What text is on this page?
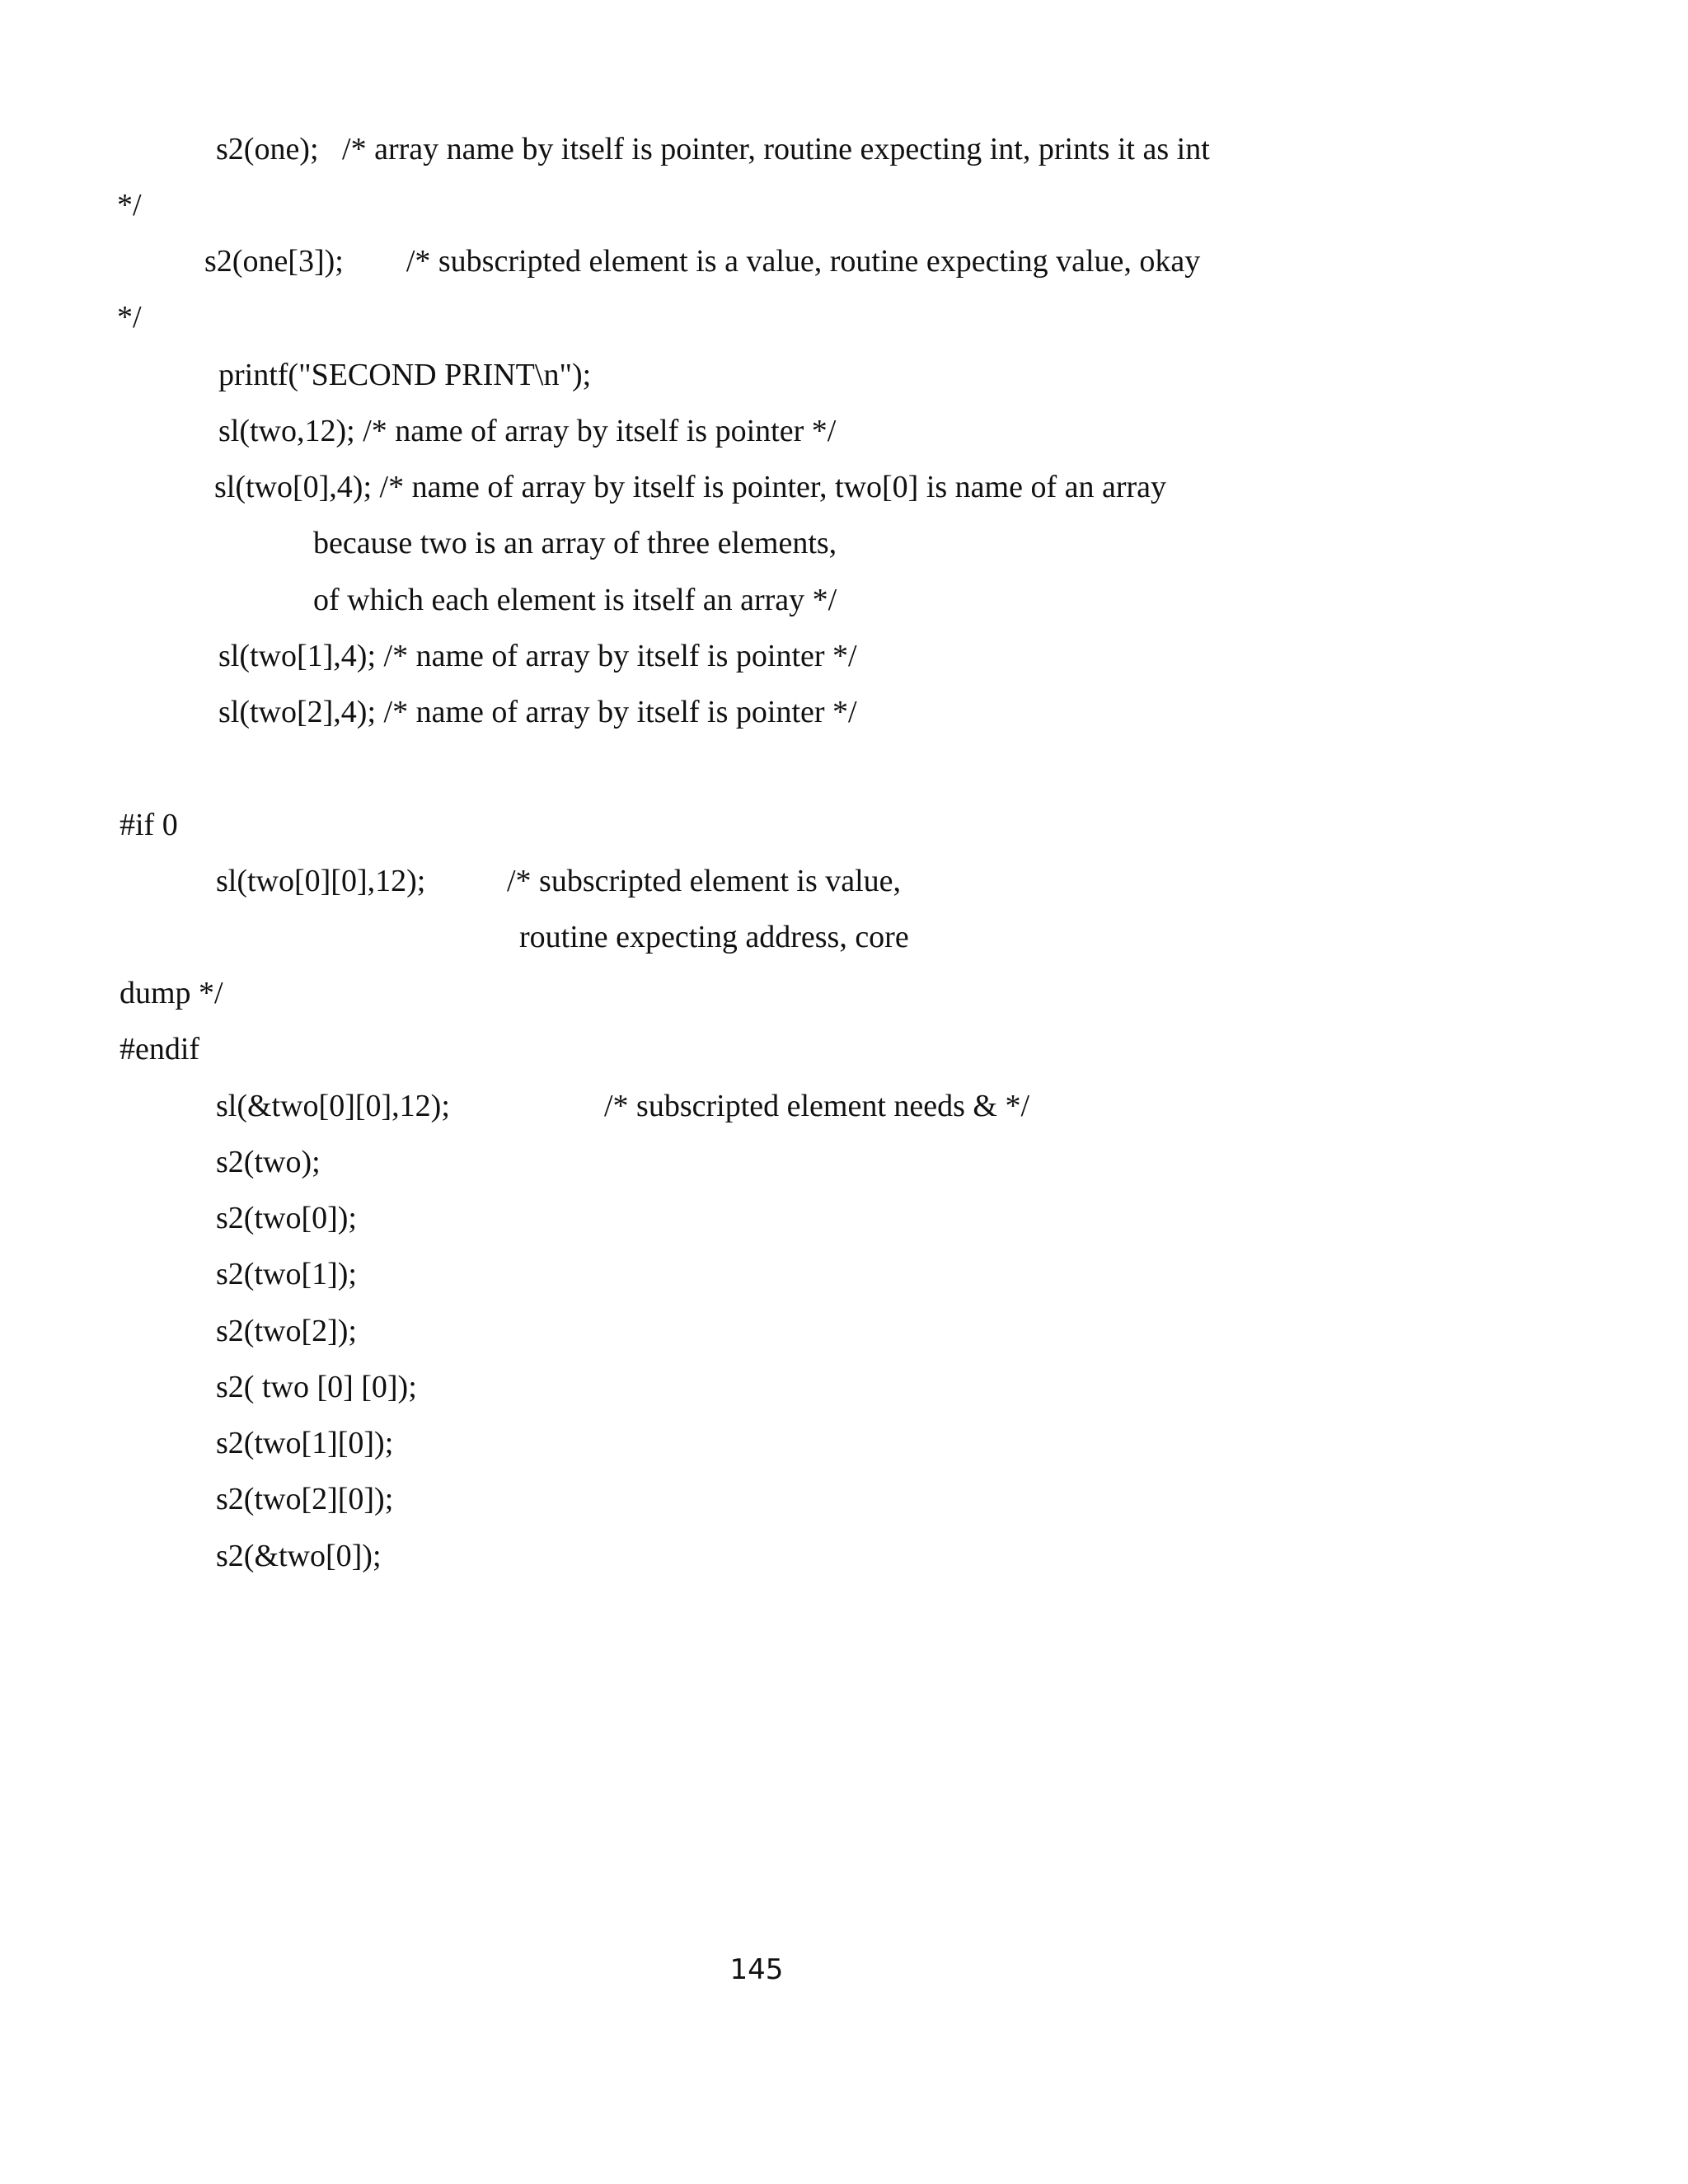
s2(one);   /* array name by itself is pointer, routine expecting int, prints it as int
*/
s2(one[3]);        /* subscripted element is a value, routine expecting value, okay
*/
printf("SECOND PRINT\n");
sl(two,12); /* name of array by itself is pointer */
sl(two[0],4); /* name of array by itself is pointer, two[0] is name of an array
because two is an array of three elements,
of which each element is itself an array */
sl(two[1],4); /* name of array by itself is pointer */
sl(two[2],4); /* name of array by itself is pointer */
#if 0
sl(two[0][0],12);	/* subscripted element is value,
routine expecting address, core
dump */
#endif
sl(&two[0][0],12);	/* subscripted element needs & */
s2(two);
s2(two[0]);
s2(two[1]);
s2(two[2]);
s2( two [0] [0]);
s2(two[1][0]);
s2(two[2][0]);
s2(&two[0]);
145
